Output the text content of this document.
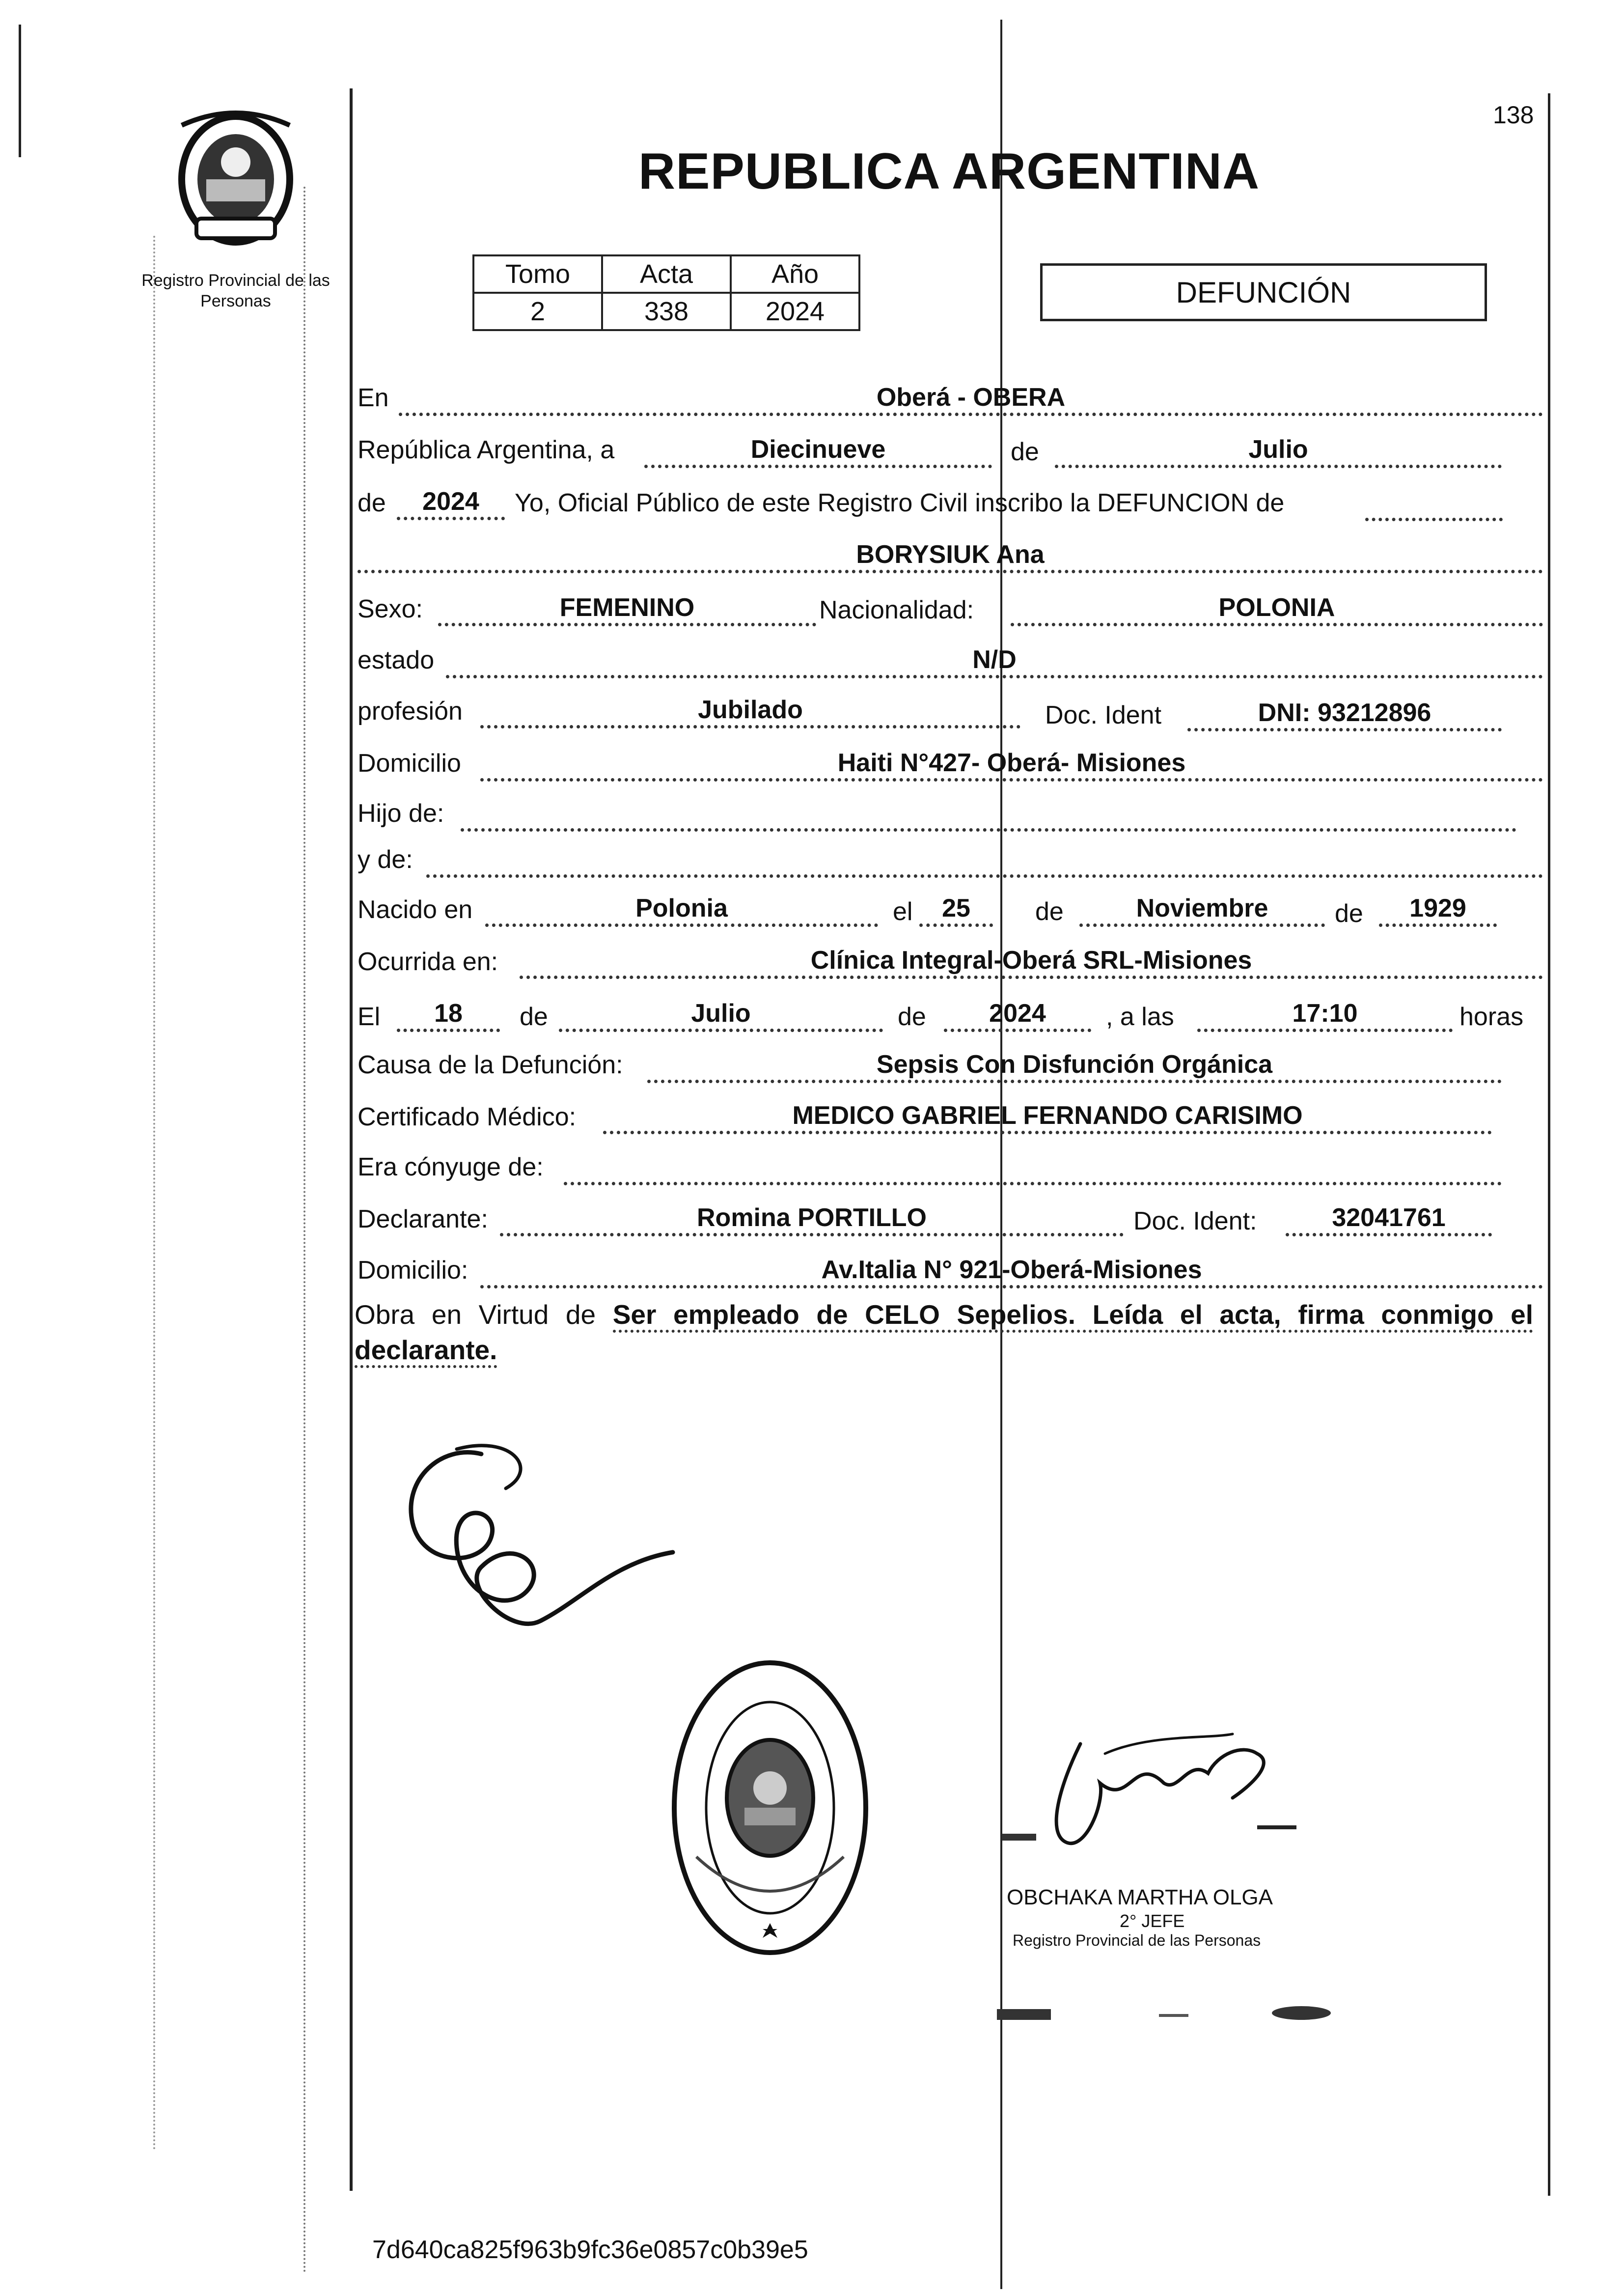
Registro Provincial de las Personas
138
REPUBLICA ARGENTINA
Tomo	Acta	Año
2	338	2024
DEFUNCIÓN
En	Oberá - OBERA
República Argentina, a	Diecinueve	de	Julio
de	2024	Yo, Oficial Público de este Registro Civil inscribo la DEFUNCION de
BORYSIUK Ana
Sexo:	FEMENINO	Nacionalidad:	POLONIA
estado	N/D
profesión	Jubilado	Doc. Ident	DNI: 93212896
Domicilio	Haiti N°427- Oberá- Misiones
Hijo de:
y de:
Nacido en	Polonia	el	25	de	Noviembre	de	1929
Ocurrida en:	Clínica Integral-Oberá SRL-Misiones
El	18	de	Julio	de	2024	, a las	17:10	horas
Causa de la Defunción:	Sepsis Con Disfunción Orgánica
Certificado Médico:	MEDICO GABRIEL FERNANDO CARISIMO
Era cónyuge de:
Declarante:	Romina PORTILLO	Doc. Ident:	32041761
Domicilio:	Av.Italia N° 921-Oberá-Misiones
Obra en Virtud de Ser empleado de CELO Sepelios. Leída el acta, firma conmigo el declarante.
OBCHAKA MARTHA OLGA
2° JEFE
Registro Provincial de las Personas
7d640ca825f963b9fc36e0857c0b39e5
